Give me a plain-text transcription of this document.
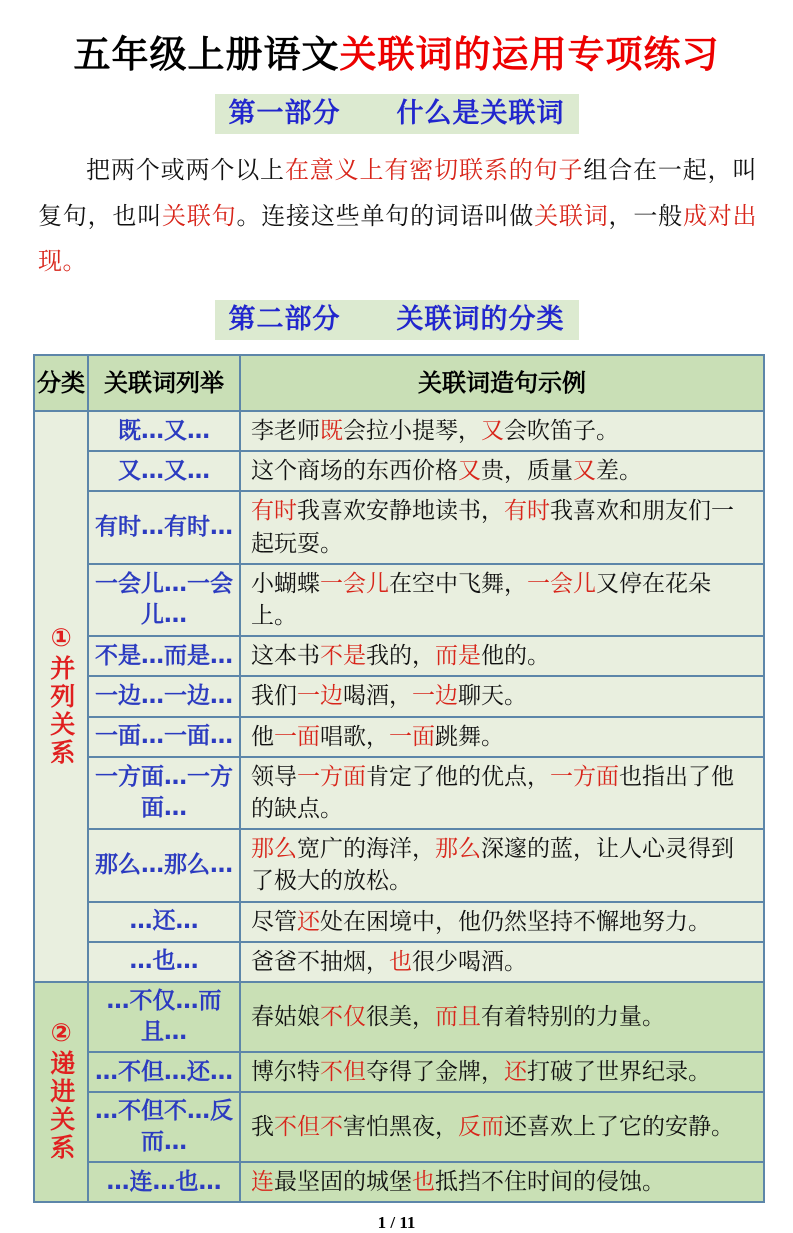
五年级上册语文关联词的运用专项练习
第一部分　　什么是关联词

把两个或两个以上在意义上有密切联系的句子组合在一起，叫复句，也叫关联句。连接这些单句的词语叫做关联词，一般成对出现。

第二部分　　关联词的分类
分类	关联词列举	关联词造句示例
①并列关系	既…又…	李老师既会拉小提琴，又会吹笛子。
	又…又…	这个商场的东西价格又贵，质量又差。
	有时…有时…	有时我喜欢安静地读书，有时我喜欢和朋友们一起玩耍。
	一会儿…一会儿…	小蝴蝶一会儿在空中飞舞，一会儿又停在花朵上。
	不是…而是…	这本书不是我的，而是他的。
	一边…一边…	我们一边喝酒，一边聊天。
	一面…一面…	他一面唱歌，一面跳舞。
	一方面…一方面…	领导一方面肯定了他的优点，一方面也指出了他的缺点。
	那么…那么…	那么宽广的海洋，那么深邃的蓝，让人心灵得到了极大的放松。
	…还…	尽管还处在困境中，他仍然坚持不懈地努力。
	…也…	爸爸不抽烟，也很少喝酒。
②递进关系	…不仅…而且…	春姑娘不仅很美，而且有着特别的力量。
	…不但…还…	博尔特不但夺得了金牌，还打破了世界纪录。
	…不但不…反而…	我不但不害怕黑夜，反而还喜欢上了它的安静。
	…连…也…	连最坚固的城堡也抵挡不住时间的侵蚀。
1 / 11
